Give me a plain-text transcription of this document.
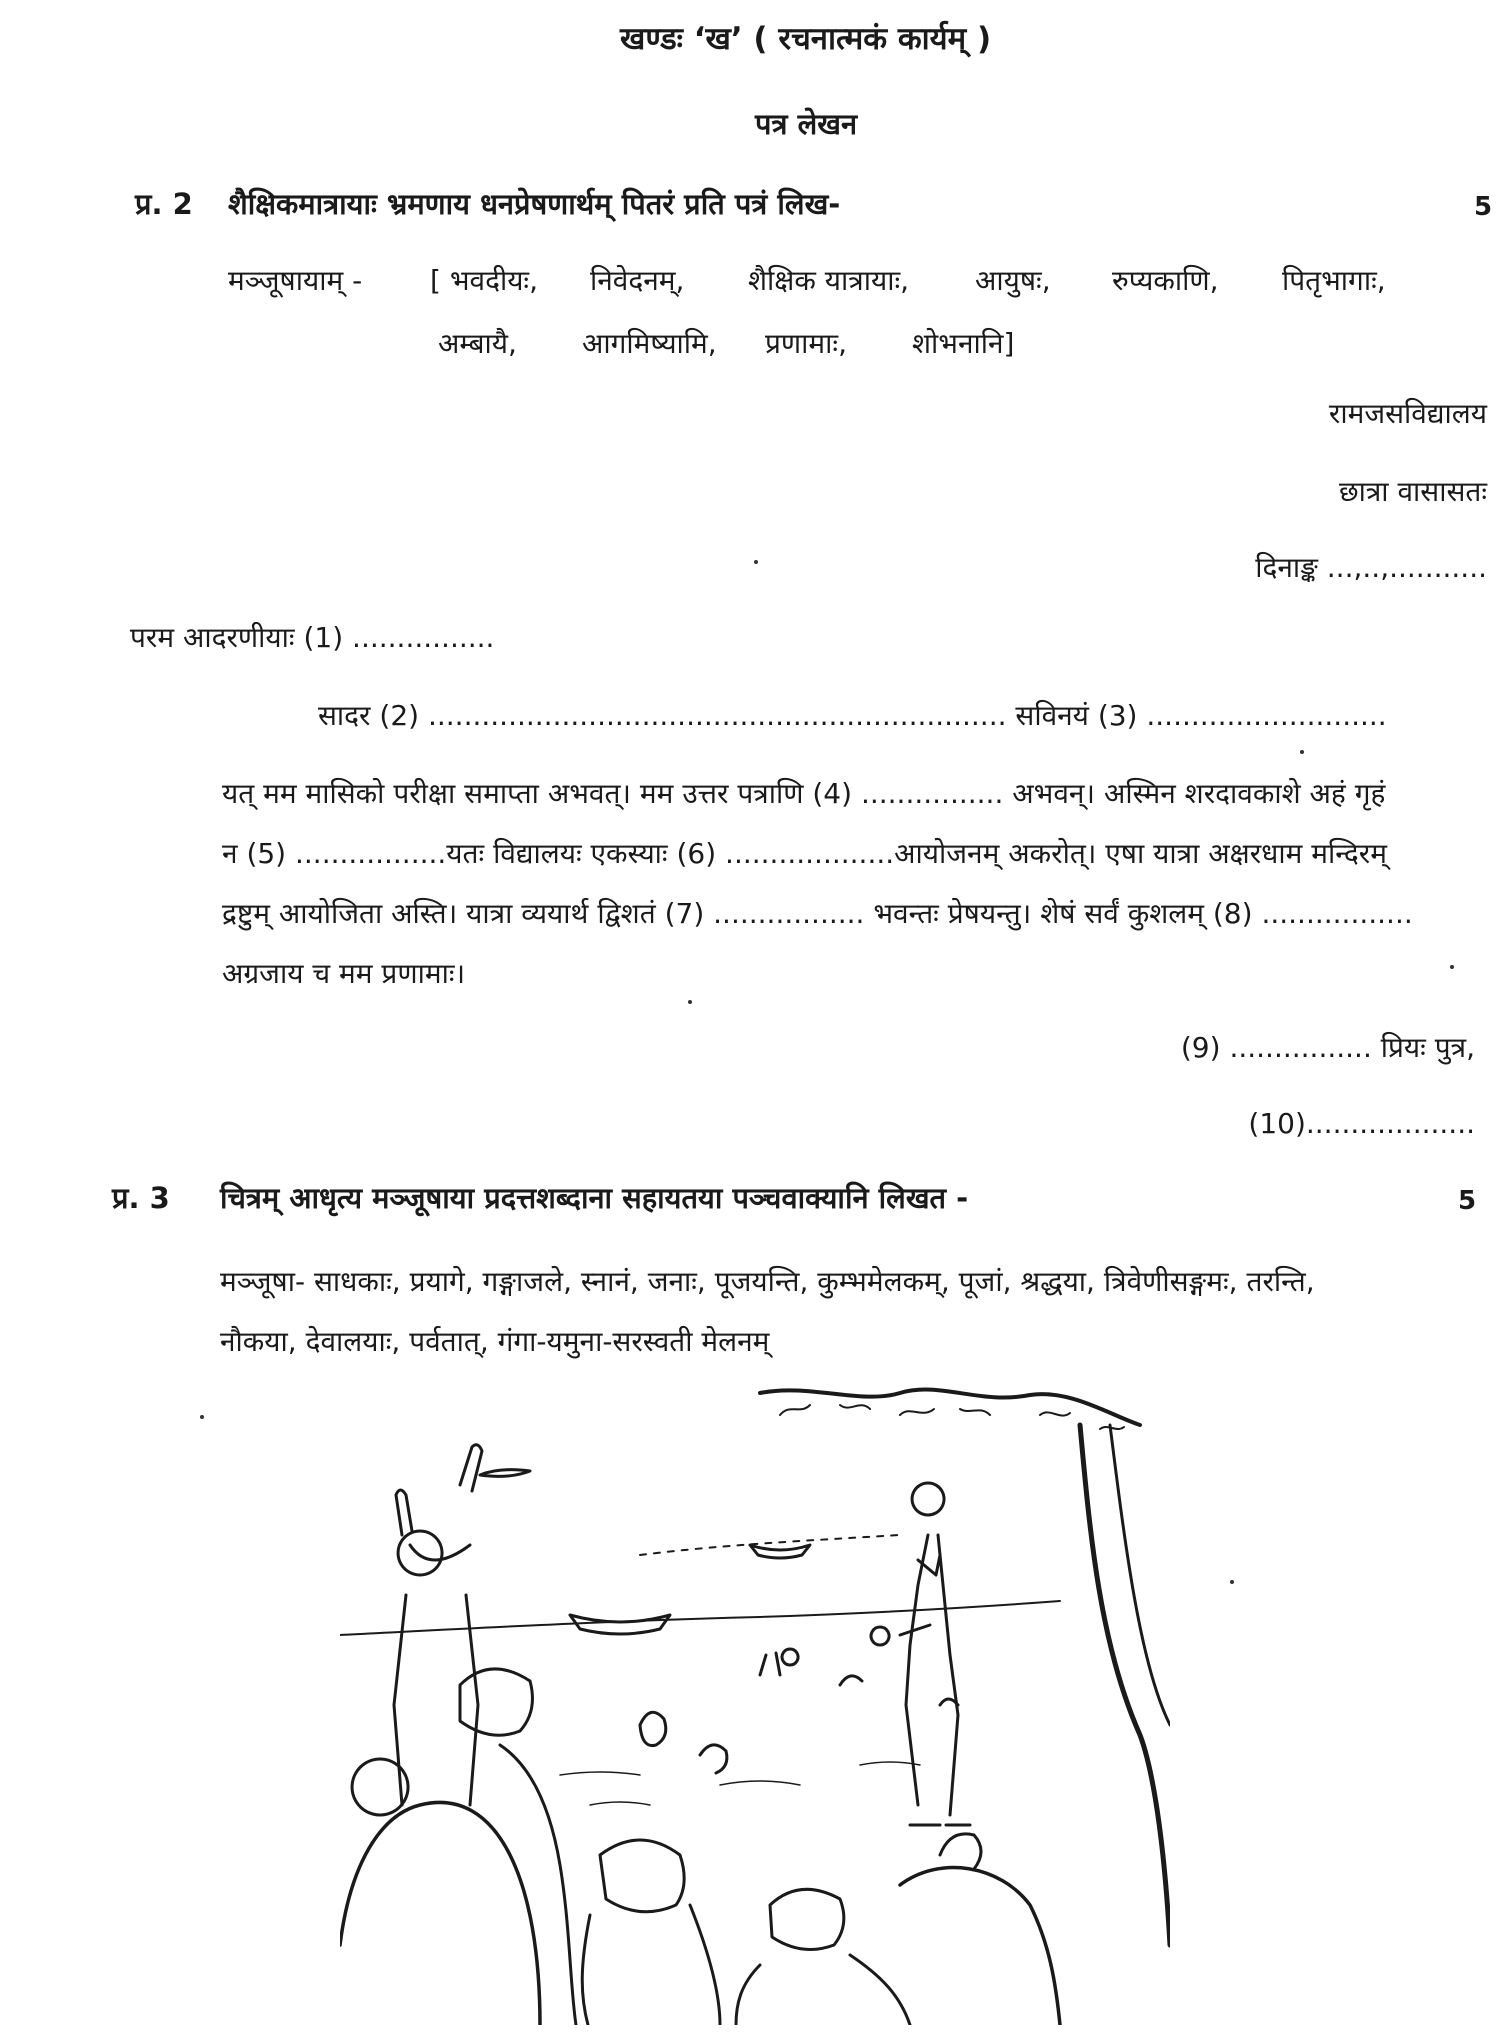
खण्डः ‘ख’ ( रचनात्मकं कार्यम् )
पत्र लेखन
प्र. 2 शैक्षिकमात्रायाः भ्रमणाय धनप्रेषणार्थम् पितरं प्रति पत्रं लिख-	5
मञ्जूषायाम् - [ भवदीयः, निवेदनम्, शैक्षिक यात्रायाः, आयुषः, रुप्यकाणि, पितृभागाः,
अम्बायै, आगमिष्यामि, प्रणामाः, शोभनानि]
रामजसविद्यालय
छात्रा वासासतः
दिनाङ्क ...,..,...........
परम आदरणीयाः (1) ................
सादर (2) ................................................................. सविनयं (3) ...........................
यत् मम मासिको परीक्षा समाप्ता अभवत्। मम उत्तर पत्राणि (4) ................ अभवन्। अस्मिन शरदावकाशे अहं गृहं
न (5) .................यतः विद्यालयः एकस्याः (6) ...................आयोजनम् अकरोत्। एषा यात्रा अक्षरधाम मन्दिरम्
द्रष्टुम् आयोजिता अस्ति। यात्रा व्ययार्थ द्विशतं (7) ................. भवन्तः प्रेषयन्तु। शेषं सर्वं कुशलम् (8) .................
अग्रजाय च मम प्रणामाः।
(9) ................ प्रियः पुत्र,
(10)...................
प्र. 3 चित्रम् आधृत्य मञ्जूषाया प्रदत्तशब्दाना सहायतया पञ्चवाक्यानि लिखत -	5
मञ्जूषा- साधकाः, प्रयागे, गङ्गाजले, स्नानं, जनाः, पूजयन्ति, कुम्भमेलकम्, पूजां, श्रद्धया, त्रिवेणीसङ्गमः, तरन्ति,
नौकया, देवालयाः, पर्वतात्, गंगा-यमुना-सरस्वती मेलनम्
